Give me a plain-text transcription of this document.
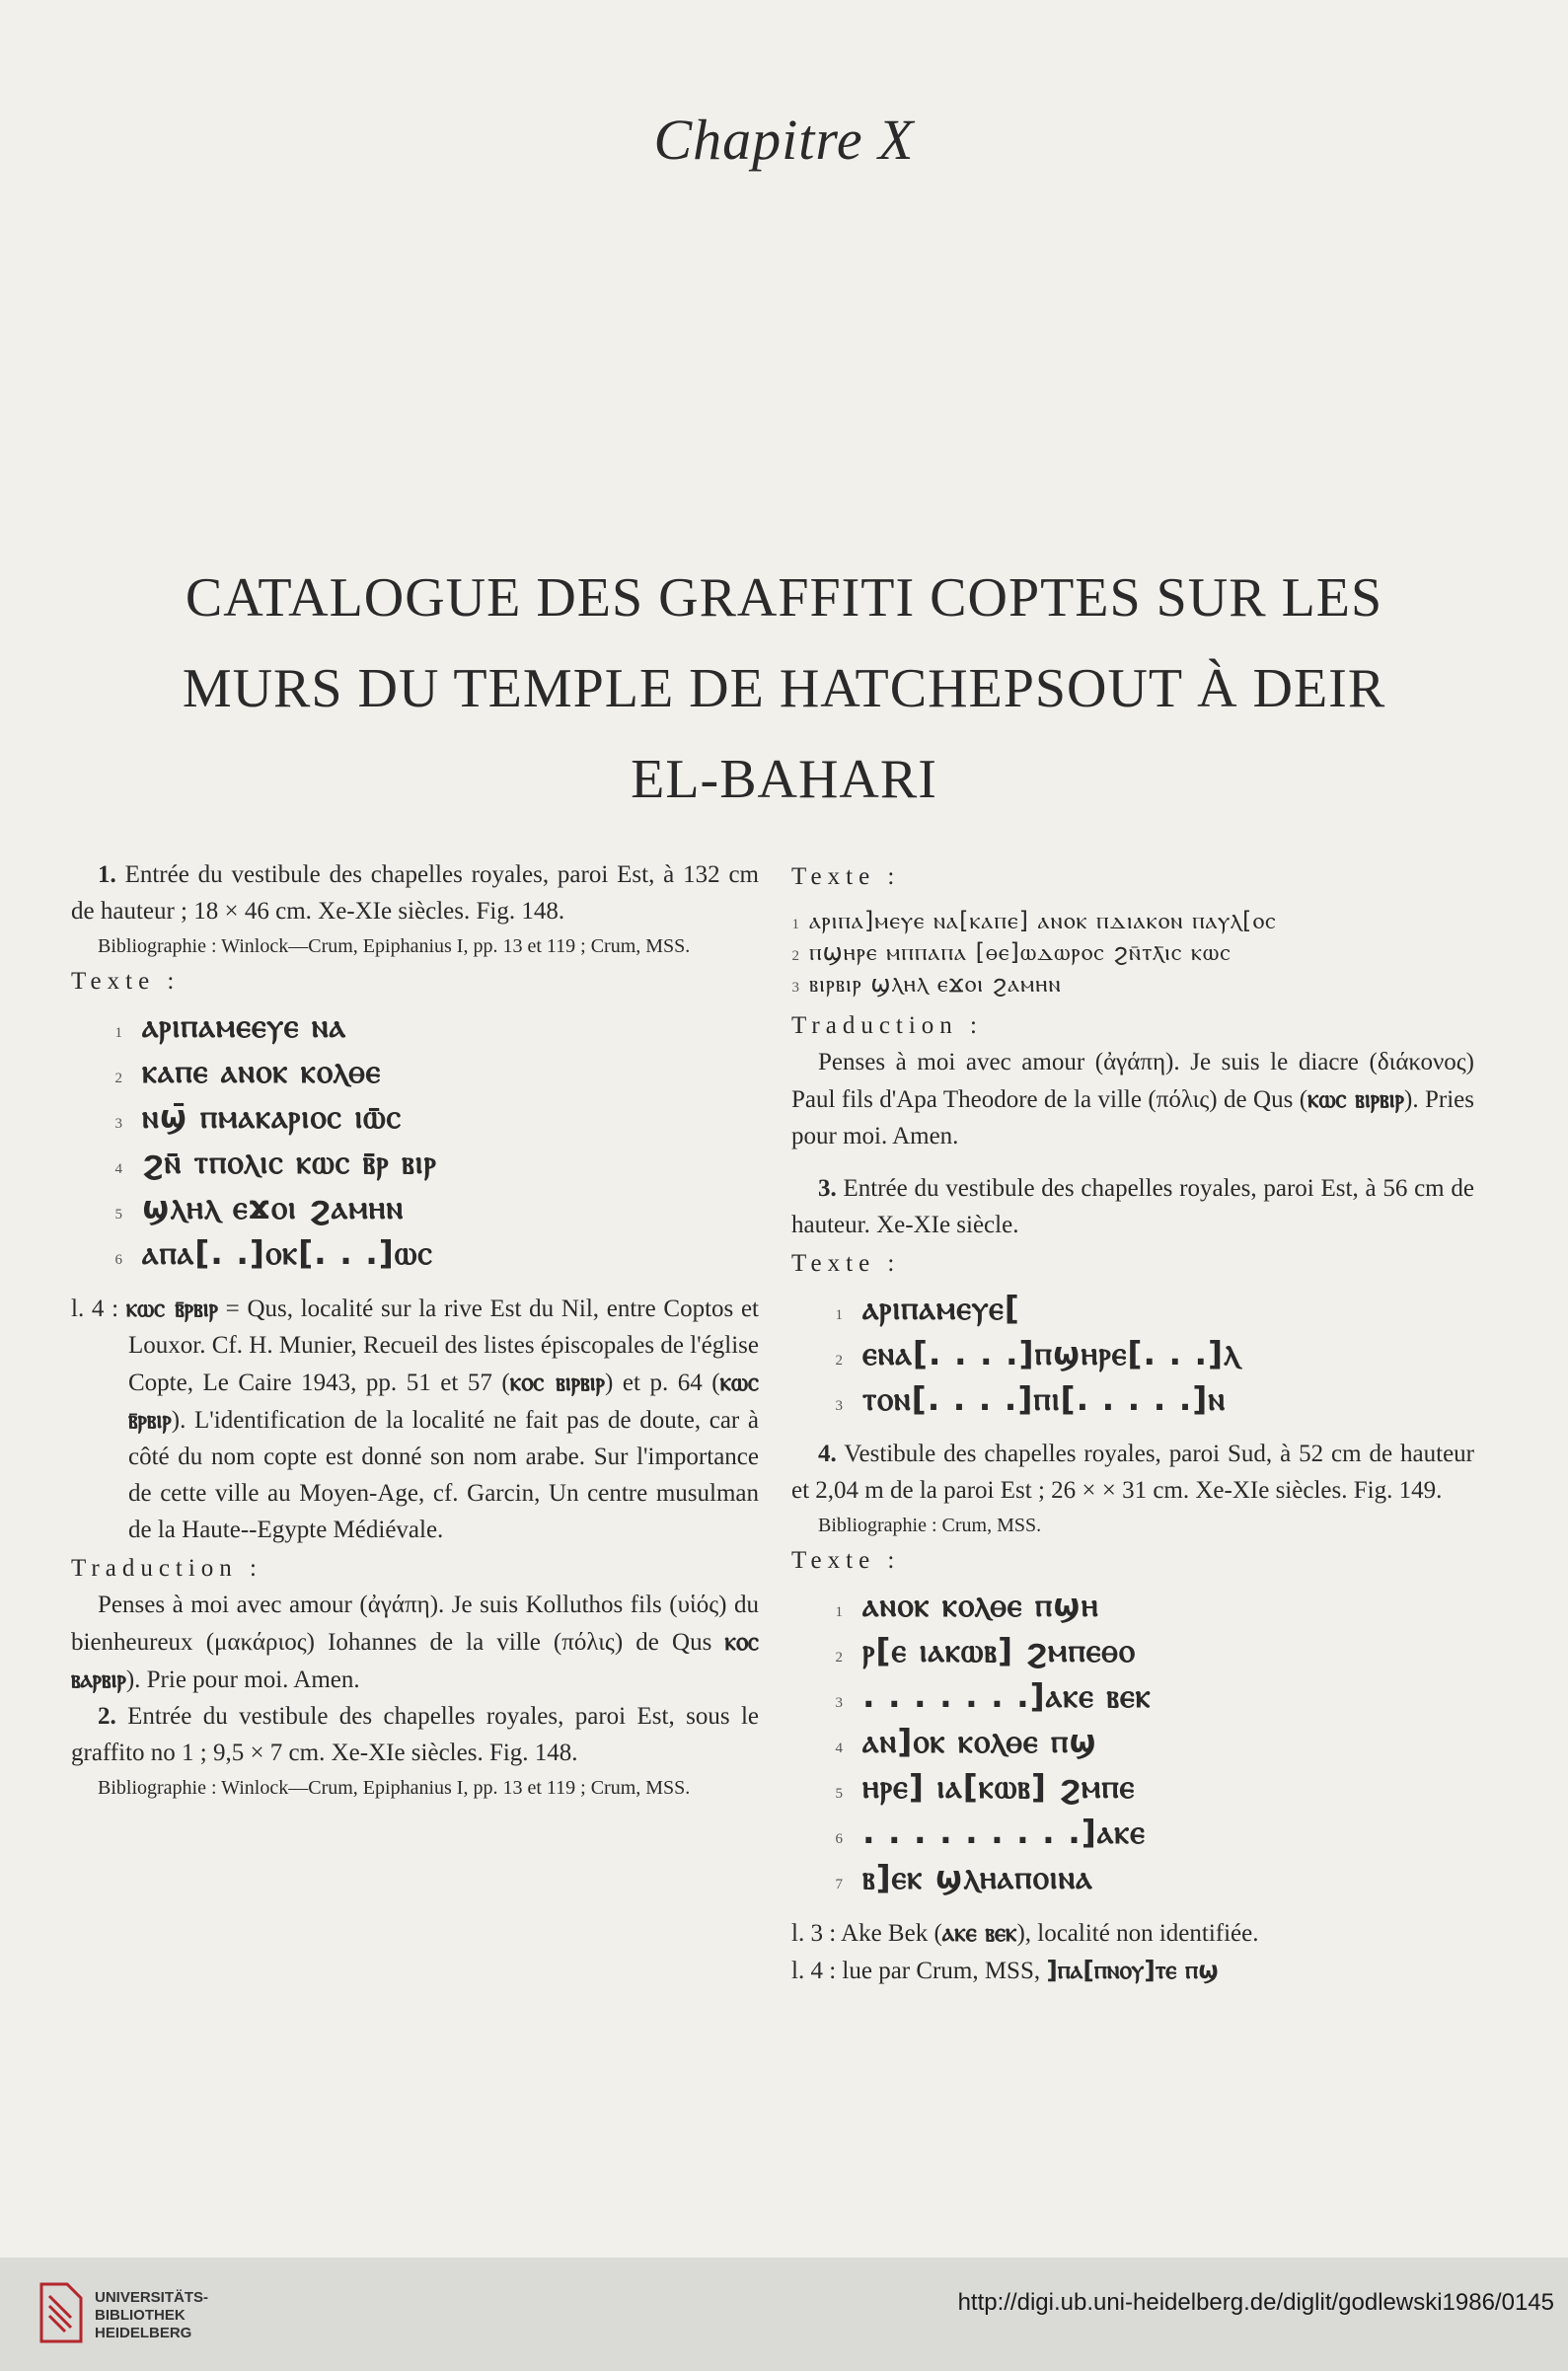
Chapitre X
CATALOGUE DES GRAFFITI COPTES SUR LES
MURS DU TEMPLE DE HATCHEPSOUT À DEIR
EL-BAHARI

1. Entrée du vestibule des chapelles royales, paroi Est, à 132 cm de hauteur ; 18 × 46 cm. Xe-XIe siècles. Fig. 148.

Bibliographie : Winlock—Crum, Epiphanius I, pp. 13 et 119 ; Crum, MSS.

Texte :

1 ⲁⲣⲓⲡⲁⲙⲉⲉⲩⲉ ⲛⲁ
2 ⲕⲁⲡⲉ ⲁⲛⲟⲕ ⲕⲟⲗⲑⲉ
3 ⲛϣ̄ ⲡⲙⲁⲕⲁⲣⲓⲟⲥ ⲓⲱ̄ⲥ
4 ϩⲛ̄ ⲧⲡⲟⲗⲓⲥ ⲕⲱⲥ ⲃ̄ⲣ ⲃⲓⲣ
5 ϣⲗⲏⲗ ⲉϫⲟⲓ ϩⲁⲙⲏⲛ
6 ⲁⲡⲁ[. .]ⲟⲕ[. . .]ⲱⲥ

l. 4 : ⲕⲱⲥ ⲃ̄ⲣⲃⲓⲣ = Qus, localité sur la rive Est du Nil, entre Coptos et Louxor. Cf. H. Munier, Recueil des listes épiscopales de l'église Copte, Le Caire 1943, pp. 51 et 57 (ⲕⲟⲥ ⲃⲓⲣⲃⲓⲣ) et p. 64 (ⲕⲱⲥ ⲃ̄ⲣⲃⲓⲣ). L'identification de la localité ne fait pas de doute, car à côté du nom copte est donné son nom arabe. Sur l'importance de cette ville au Moyen-Age, cf. Garcin, Un centre musulman de la Haute--Egypte Médiévale.

Traduction :

Penses à moi avec amour (ἀγάπη). Je suis Kolluthos fils (υἱός) du bienheureux (μακάριος) Iohannes de la ville (πόλις) de Qus ⲕⲟⲥ ⲃⲁⲣⲃⲓⲣ). Prie pour moi. Amen.

2. Entrée du vestibule des chapelles royales, paroi Est, sous le graffito no 1 ; 9,5 × 7 cm. Xe-XIe siècles. Fig. 148.

Bibliographie : Winlock—Crum, Epiphanius I, pp. 13 et 119 ; Crum, MSS.

Texte :

1 ⲁⲣⲓⲡⲁ]ⲙⲉⲩⲉ ⲛⲁ[ⲕⲁⲡⲉ] ⲁⲛⲟⲕ ⲡⲇⲓⲁⲕⲟⲛ ⲡⲁⲩⲗ[ⲟⲥ
2 ⲡϣⲏⲣⲉ ⲙⲡⲡⲁⲡⲁ [ⲑⲉ]ⲱⲇⲱⲣⲟⲥ ϩⲛ̄ⲧⲗ̄ⲓⲥ ⲕⲱⲥ
3 ⲃⲓⲣⲃⲓⲣ ϣⲗⲏⲗ ⲉϫⲟⲓ ϩⲁⲙⲏⲛ

Traduction :

Penses à moi avec amour (ἀγάπη). Je suis le diacre (διάκονος) Paul fils d'Apa Theodore de la ville (πόλις) de Qus (ⲕⲱⲥ ⲃⲓⲣⲃⲓⲣ). Pries pour moi. Amen.

3. Entrée du vestibule des chapelles royales, paroi Est, à 56 cm de hauteur. Xe-XIe siècle.

Texte :

1 ⲁⲣⲓⲡⲁⲙⲉⲩⲉ[
2 ⲉⲛⲁ[. . . .]ⲡϣⲏⲣⲉ[. . .]ⲗ
3 ⲧⲟⲛ[. . . .]ⲡⲓ[. . . . .]ⲛ

4. Vestibule des chapelles royales, paroi Sud, à 52 cm de hauteur et 2,04 m de la paroi Est ; 26 × × 31 cm. Xe-XIe siècles. Fig. 149.

Bibliographie : Crum, MSS.

Texte :

1 ⲁⲛⲟⲕ ⲕⲟⲗⲑⲉ ⲡϣⲏ
2 ⲣ[ⲉ ⲓⲁⲕⲱⲃ] ϩⲙⲡⲉⲑⲟ
3 . . . . . . .]ⲁⲕⲉ ⲃⲉⲕ
4 ⲁⲛ]ⲟⲕ ⲕⲟⲗⲑⲉ ⲡϣ
5 ⲏⲣⲉ] ⲓⲁ[ⲕⲱⲃ] ϩⲙⲡⲉ
6 . . . . . . . . .]ⲁⲕⲉ
7 ⲃ]ⲉⲕ ϣⲗⲏⲁⲡⲟⲓⲛⲁ

l. 3 : Ake Bek (ⲁⲕⲉ ⲃⲉⲕ), localité non identifiée.

l. 4 : lue par Crum, MSS, ]ⲡⲁ[ⲡⲛⲟⲩ]ⲧⲉ ⲡϣ

UNIVERSITÄTS-
BIBLIOTHEK
HEIDELBERG
http://digi.ub.uni-heidelberg.de/diglit/godlewski1986/0145
